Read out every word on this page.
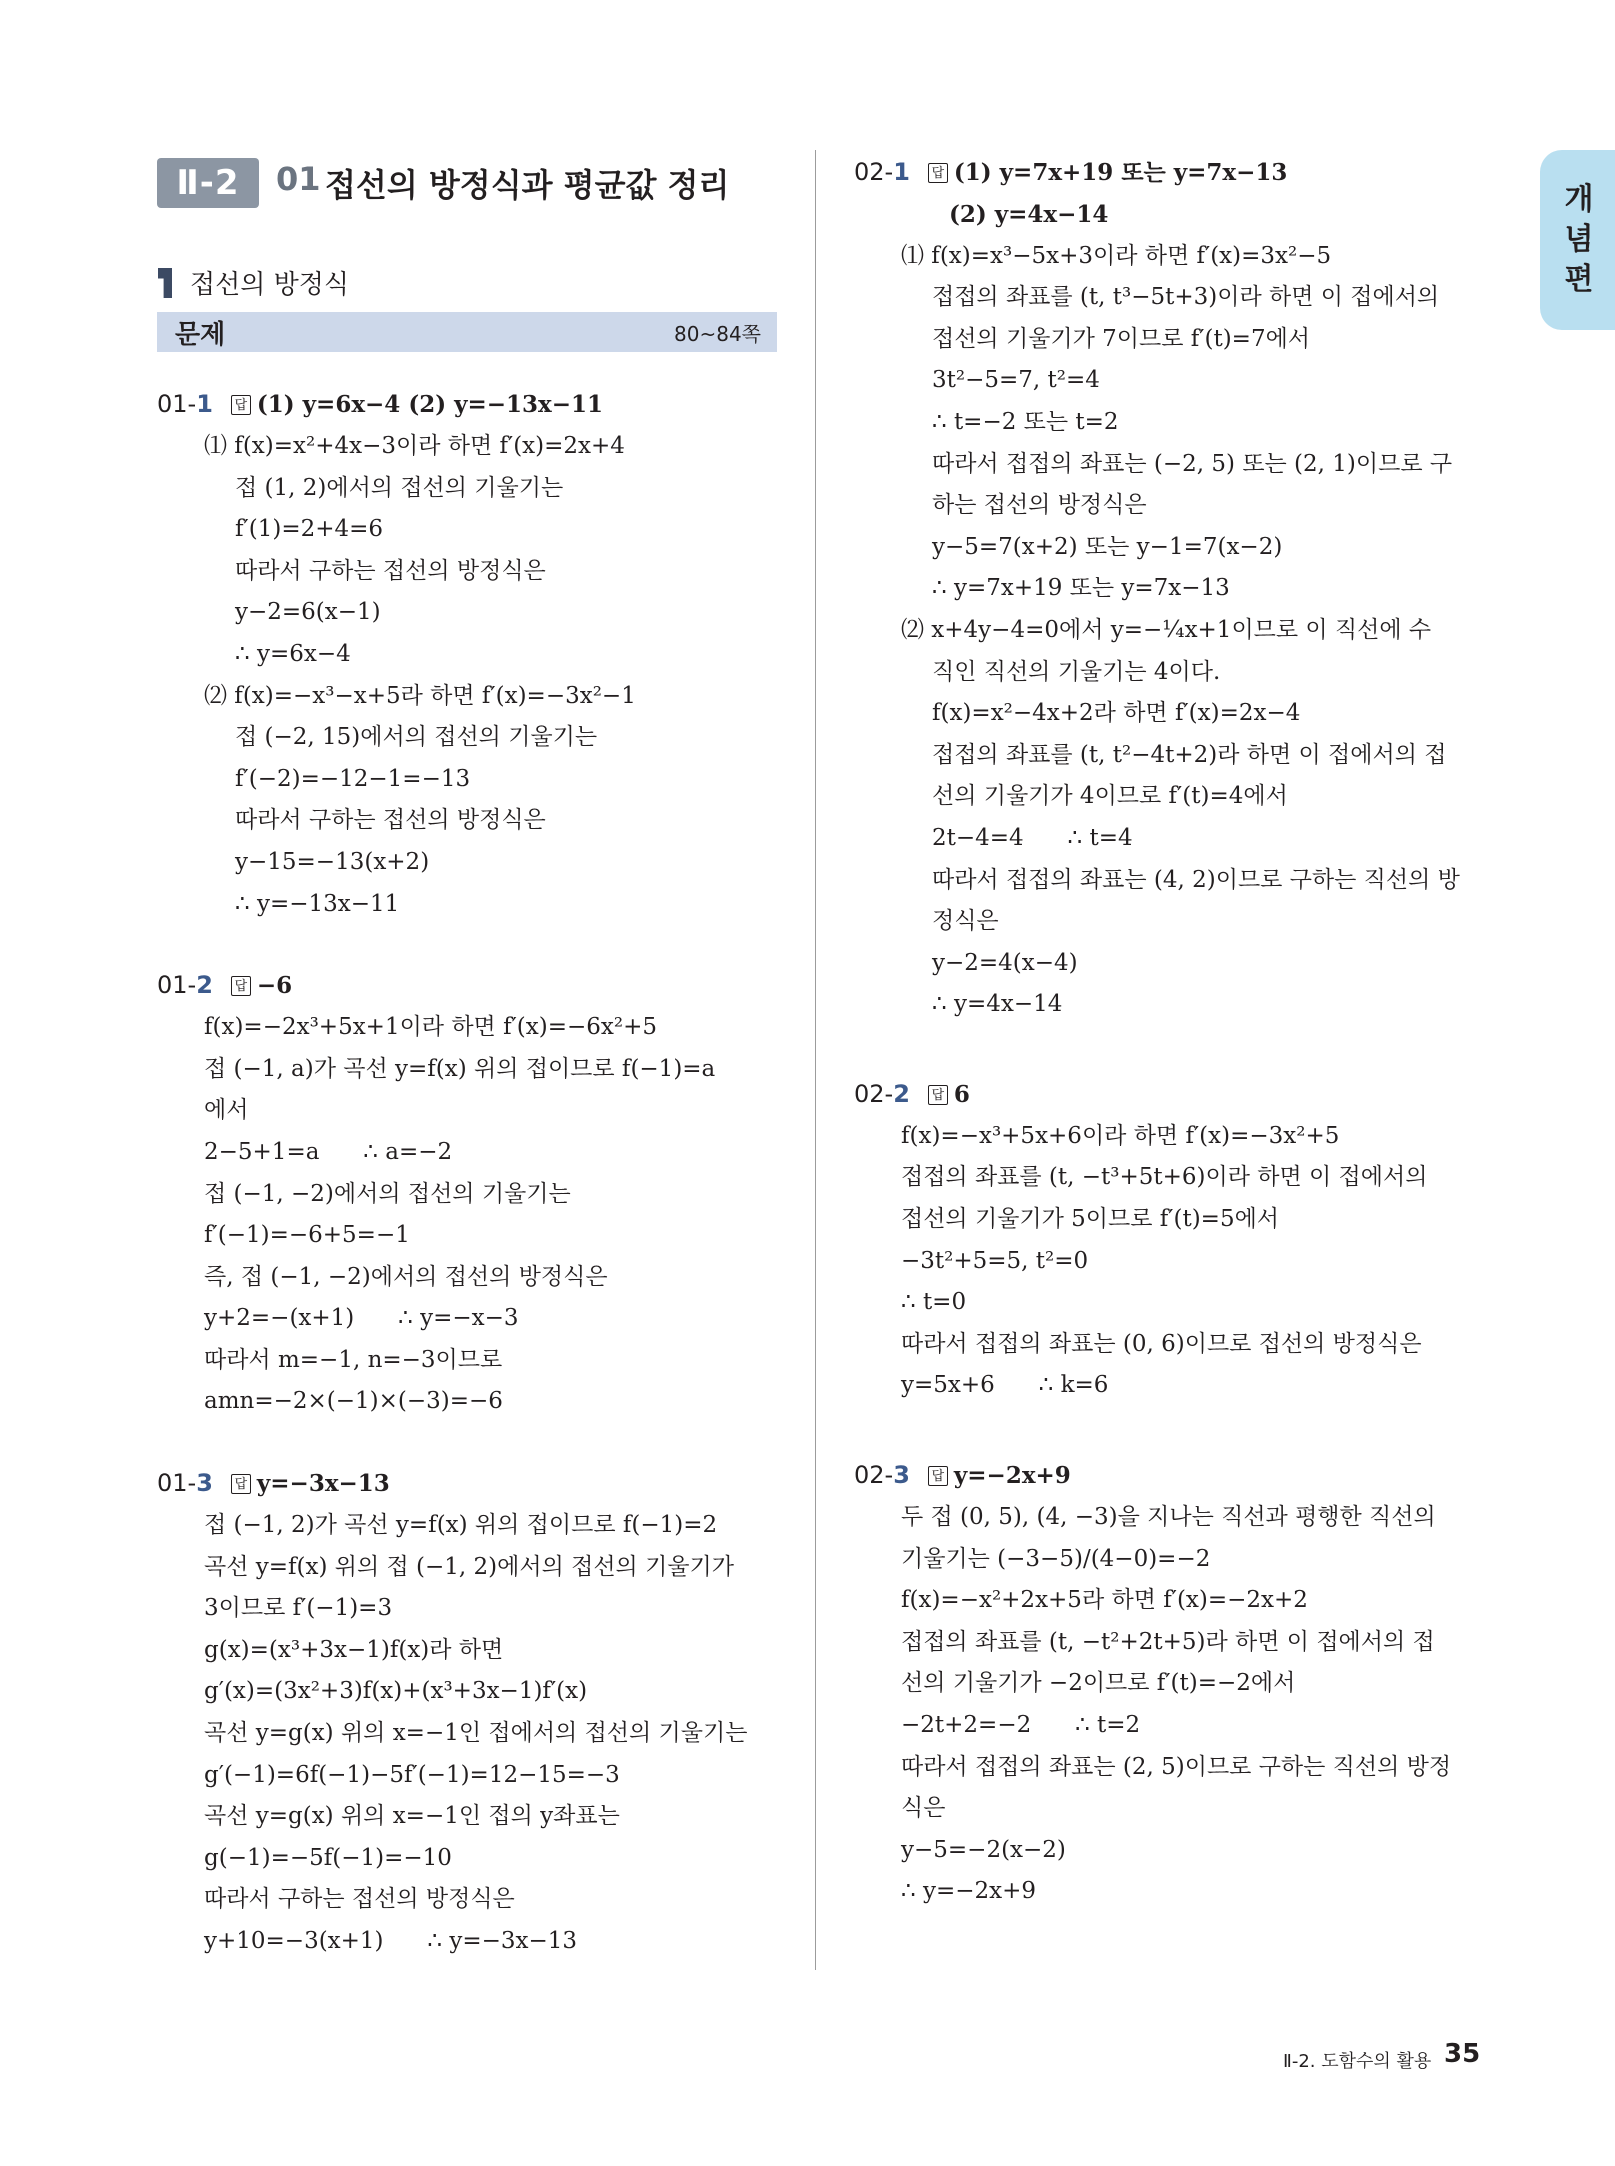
Ⅱ-2	01 접선의 방정식과 평균값 정리
접선의 방정식
문제	80~84쪽
개
념
편
01-1 답 (1) y=6x−4 (2) y=−13x−11
⑴ f(x)=x²+4x−3이라 하면 f′(x)=2x+4
접 (1, 2)에서의 접선의 기울기는
f′(1)=2+4=6
따라서 구하는 접선의 방정식은
y−2=6(x−1)
∴ y=6x−4
⑵ f(x)=−x³−x+5라 하면 f′(x)=−3x²−1
접 (−2, 15)에서의 접선의 기울기는
f′(−2)=−12−1=−13
따라서 구하는 접선의 방정식은
y−15=−13(x+2)
∴ y=−13x−11
01-2 답 −6
f(x)=−2x³+5x+1이라 하면 f′(x)=−6x²+5
접 (−1, a)가 곡선 y=f(x) 위의 접이므로 f(−1)=a
에서
2−5+1=a      ∴ a=−2
접 (−1, −2)에서의 접선의 기울기는
f′(−1)=−6+5=−1
즉, 접 (−1, −2)에서의 접선의 방정식은
y+2=−(x+1)      ∴ y=−x−3
따라서 m=−1, n=−3이므로
amn=−2×(−1)×(−3)=−6
01-3 답 y=−3x−13
접 (−1, 2)가 곡선 y=f(x) 위의 접이므로 f(−1)=2
곡선 y=f(x) 위의 접 (−1, 2)에서의 접선의 기울기가
3이므로 f′(−1)=3
g(x)=(x³+3x−1)f(x)라 하면
g′(x)=(3x²+3)f(x)+(x³+3x−1)f′(x)
곡선 y=g(x) 위의 x=−1인 접에서의 접선의 기울기는
g′(−1)=6f(−1)−5f′(−1)=12−15=−3
곡선 y=g(x) 위의 x=−1인 접의 y좌표는
g(−1)=−5f(−1)=−10
따라서 구하는 접선의 방정식은
y+10=−3(x+1)      ∴ y=−3x−13
02-1 답 (1) y=7x+19 또는 y=7x−13
(2) y=4x−14
⑴ f(x)=x³−5x+3이라 하면 f′(x)=3x²−5
접접의 좌표를 (t, t³−5t+3)이라 하면 이 접에서의
접선의 기울기가 7이므로 f′(t)=7에서
3t²−5=7, t²=4
∴ t=−2 또는 t=2
따라서 접접의 좌표는 (−2, 5) 또는 (2, 1)이므로 구
하는 접선의 방정식은
y−5=7(x+2) 또는 y−1=7(x−2)
∴ y=7x+19 또는 y=7x−13
⑵ x+4y−4=0에서 y=−¼x+1이므로 이 직선에 수
직인 직선의 기울기는 4이다.
f(x)=x²−4x+2라 하면 f′(x)=2x−4
접접의 좌표를 (t, t²−4t+2)라 하면 이 접에서의 접
선의 기울기가 4이므로 f′(t)=4에서
2t−4=4      ∴ t=4
따라서 접접의 좌표는 (4, 2)이므로 구하는 직선의 방
정식은
y−2=4(x−4)
∴ y=4x−14
02-2 답 6
f(x)=−x³+5x+6이라 하면 f′(x)=−3x²+5
접접의 좌표를 (t, −t³+5t+6)이라 하면 이 접에서의
접선의 기울기가 5이므로 f′(t)=5에서
−3t²+5=5, t²=0
∴ t=0
따라서 접접의 좌표는 (0, 6)이므로 접선의 방정식은
y=5x+6      ∴ k=6
02-3 답 y=−2x+9
두 접 (0, 5), (4, −3)을 지나는 직선과 평행한 직선의
기울기는 (−3−5)/(4−0)=−2
f(x)=−x²+2x+5라 하면 f′(x)=−2x+2
접접의 좌표를 (t, −t²+2t+5)라 하면 이 접에서의 접
선의 기울기가 −2이므로 f′(t)=−2에서
−2t+2=−2      ∴ t=2
따라서 접접의 좌표는 (2, 5)이므로 구하는 직선의 방정
식은
y−5=−2(x−2)
∴ y=−2x+9
Ⅱ-2. 도함수의 활용 35
